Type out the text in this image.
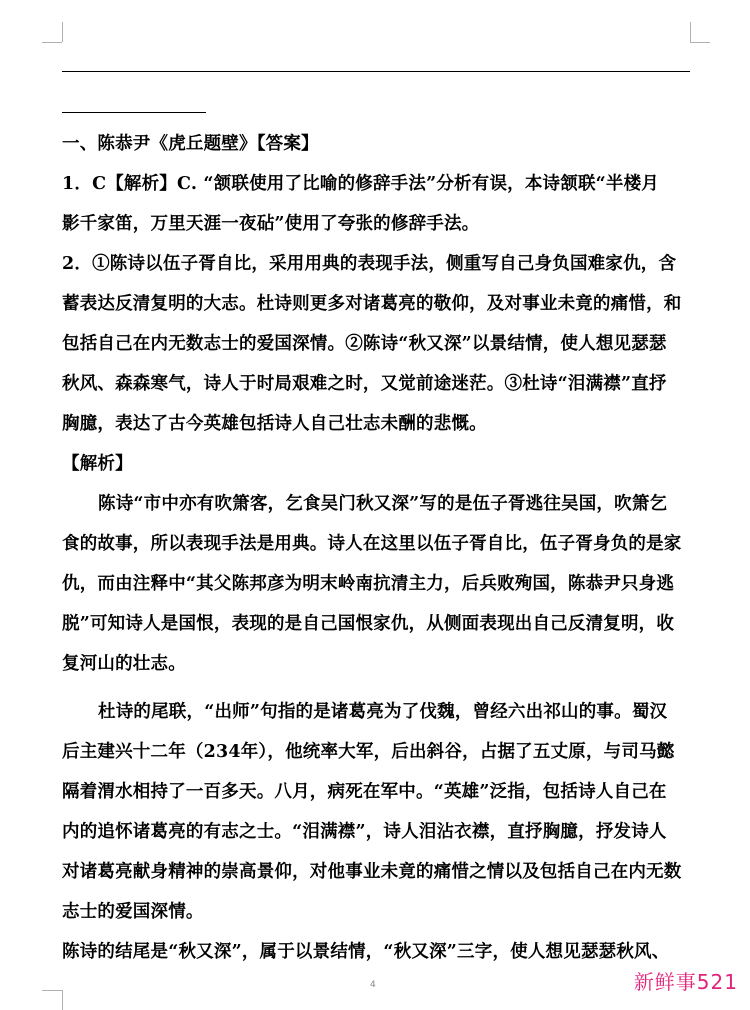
一、陈恭尹《虎丘题壁》【答案】
1．C【解析】C. “颔联使用了比喻的修辞手法”分析有误，本诗颔联“半楼月
影千家笛，万里天涯一夜砧”使用了夸张的修辞手法。
2．①陈诗以伍子胥自比，采用用典的表现手法，侧重写自己身负国难家仇，含
蓄表达反清复明的大志。杜诗则更多对诸葛亮的敬仰，及对事业未竟的痛惜，和
包括自己在内无数志士的爱国深情。②陈诗“秋又深”以景结情，使人想见瑟瑟
秋风、森森寒气，诗人于时局艰难之时，又觉前途迷茫。③杜诗“泪满襟”直抒
胸臆，表达了古今英雄包括诗人自己壮志未酬的悲慨。
【解析】
陈诗“市中亦有吹箫客，乞食吴门秋又深”写的是伍子胥逃往吴国，吹箫乞
食的故事，所以表现手法是用典。诗人在这里以伍子胥自比，伍子胥身负的是家
仇，而由注释中“其父陈邦彦为明末岭南抗清主力，后兵败殉国，陈恭尹只身逃
脱”可知诗人是国恨，表现的是自己国恨家仇，从侧面表现出自己反清复明，收
复河山的壮志。
杜诗的尾联，“出师”句指的是诸葛亮为了伐魏，曾经六出祁山的事。蜀汉
后主建兴十二年（234年），他统率大军，后出斜谷，占据了五丈原，与司马懿
隔着渭水相持了一百多天。八月，病死在军中。“英雄”泛指，包括诗人自己在
内的追怀诸葛亮的有志之士。“泪满襟”，诗人泪沾衣襟，直抒胸臆，抒发诗人
对诸葛亮献身精神的崇高景仰，对他事业未竟的痛惜之情以及包括自己在内无数
志士的爱国深情。
陈诗的结尾是“秋又深”，属于以景结情，“秋又深”三字，使人想见瑟瑟秋风、
4	新鲜事521
